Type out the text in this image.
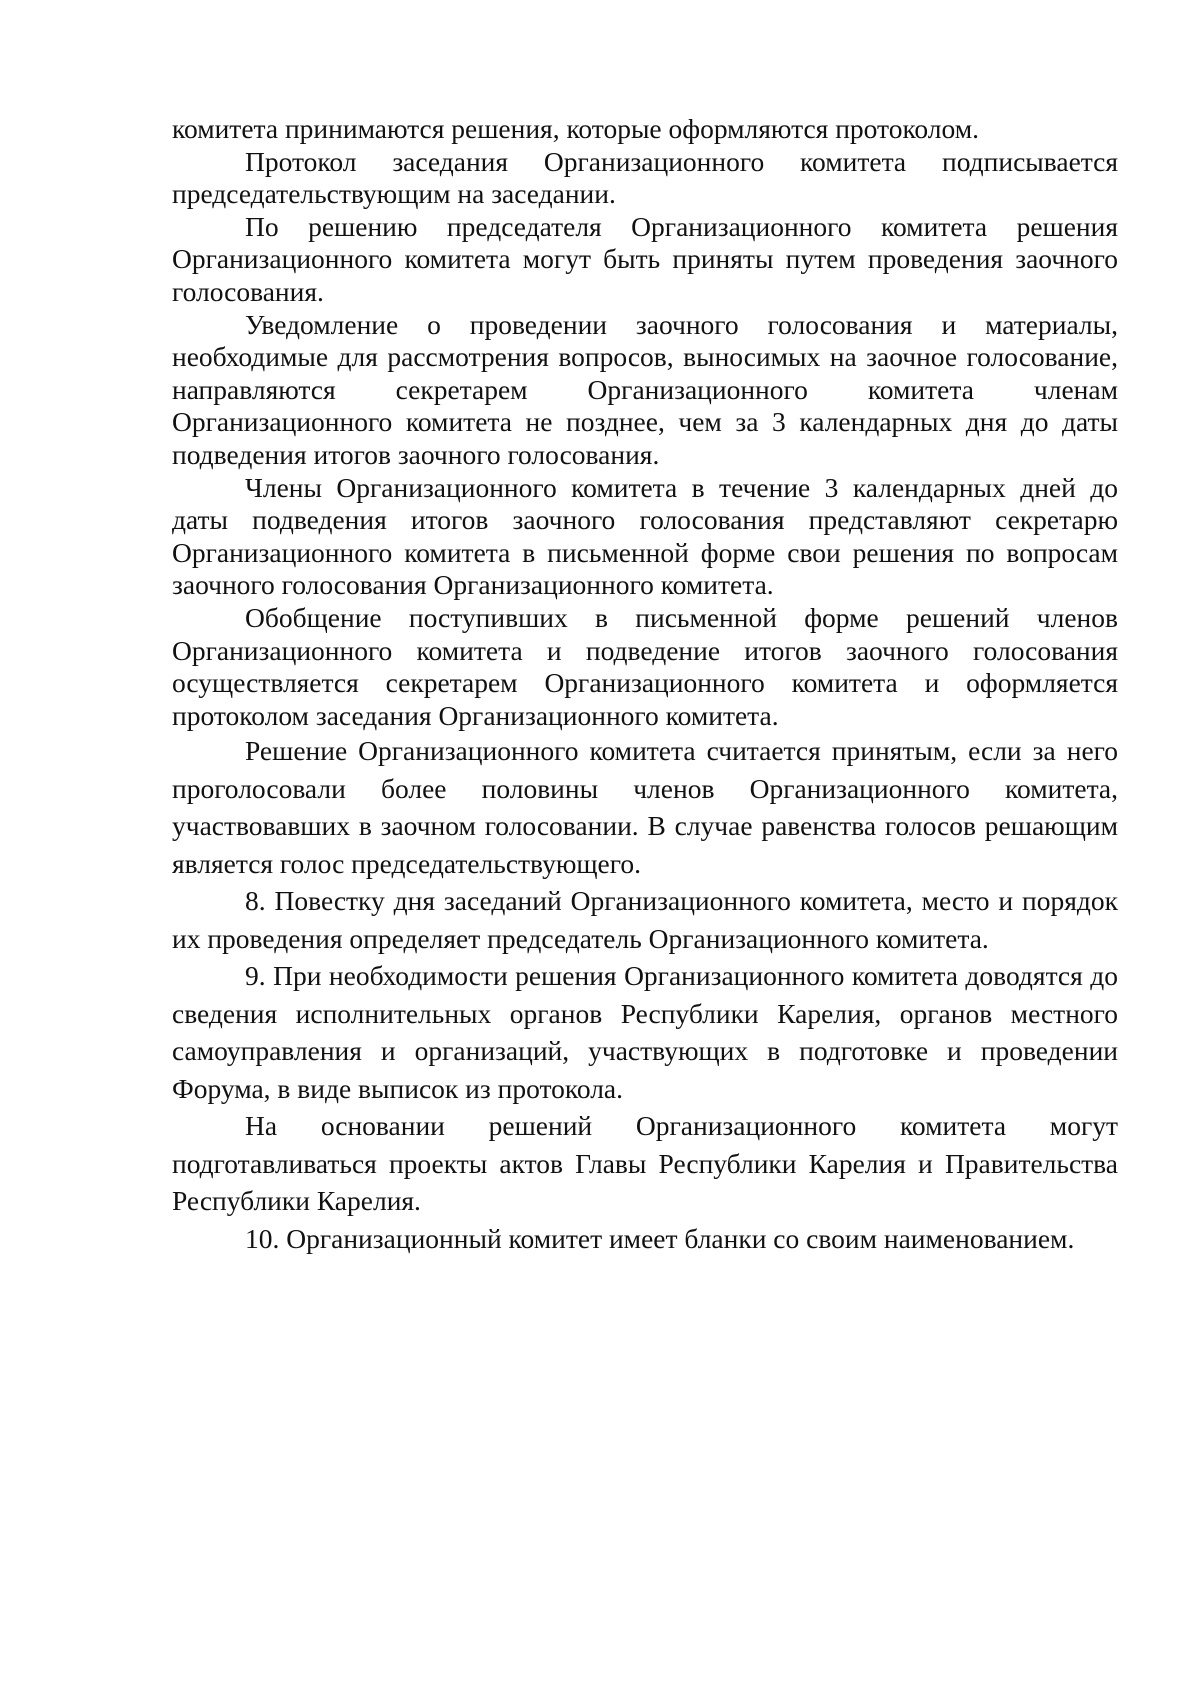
комитета принимаются решения, которые оформляются протоколом.

Протокол заседания Организационного комитета подписывается председательствующим на заседании.

По решению председателя Организационного комитета решения Организационного комитета могут быть приняты путем проведения заочного голосования.

Уведомление о проведении заочного голосования и материалы, необходимые для рассмотрения вопросов, выносимых на заочное голосование, направляются секретарем Организационного комитета членам Организационного комитета не позднее, чем за 3 календарных дня до даты подведения итогов заочного голосования.

Члены Организационного комитета в течение 3 календарных дней до даты подведения итогов заочного голосования представляют секретарю Организационного комитета в письменной форме свои решения по вопросам заочного голосования Организационного комитета.

Обобщение поступивших в письменной форме решений членов Организационного комитета и подведение итогов заочного голосования осуществляется секретарем Организационного комитета и оформляется протоколом заседания Организационного комитета.

Решение Организационного комитета считается принятым, если за него проголосовали более половины членов Организационного комитета, участвовавших в заочном голосовании. В случае равенства голосов решающим является голос председательствующего.

8. Повестку дня заседаний Организационного комитета, место и порядок их проведения определяет председатель Организационного комитета.

9. При необходимости решения Организационного комитета доводятся до сведения исполнительных органов Республики Карелия, органов местного самоуправления и организаций, участвующих в подготовке и проведении Форума, в виде выписок из протокола.

На основании решений Организационного комитета могут подготавливаться проекты актов Главы Республики Карелия и Правительства Республики Карелия.

10. Организационный комитет имеет бланки со своим наименованием.
